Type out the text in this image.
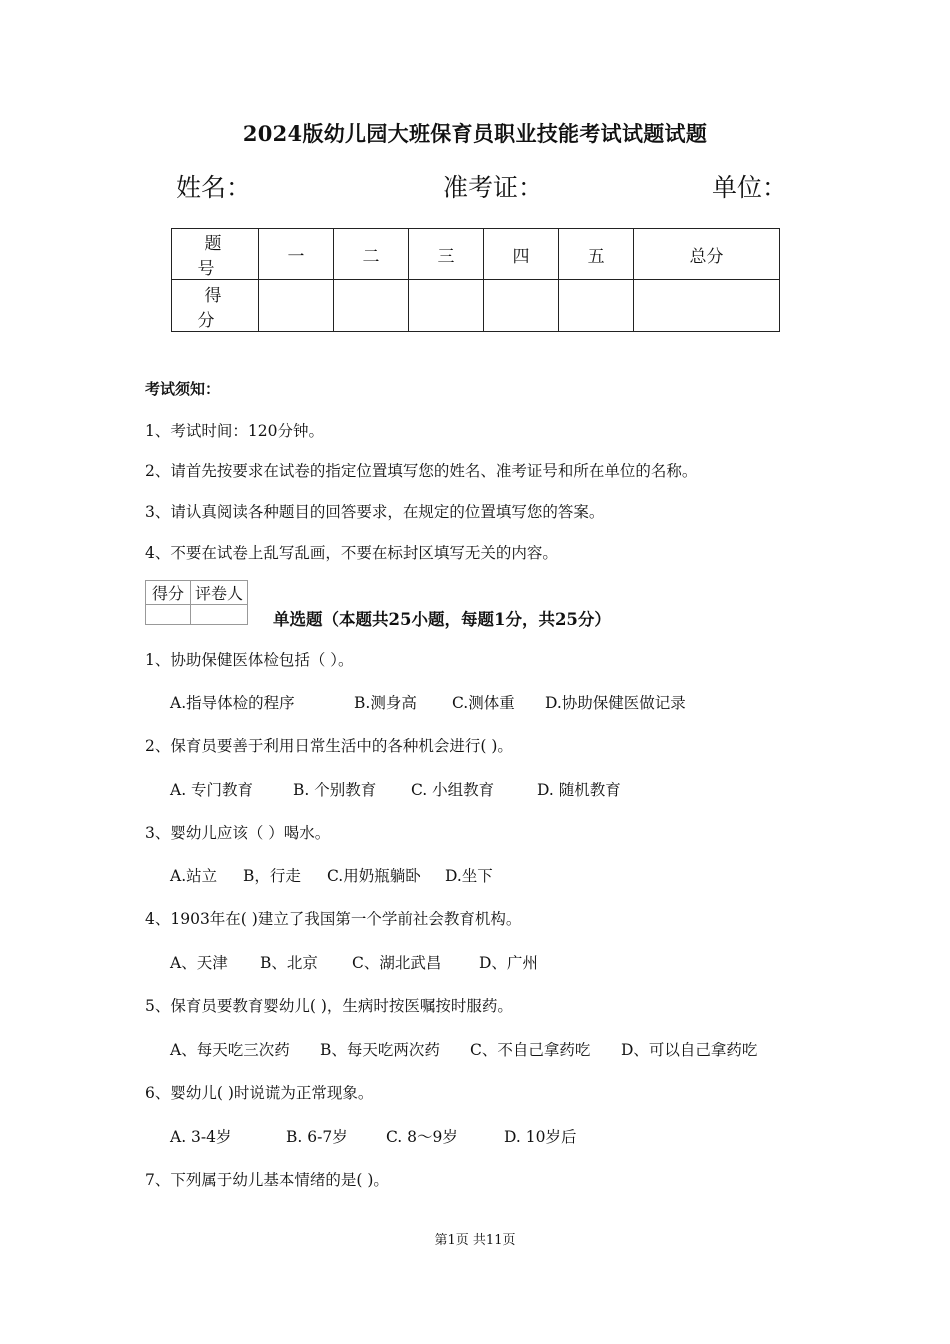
2024版幼儿园大班保育员职业技能考试试题试题
姓名：	准考证：	单位：
题 号	一	二	三	四	五	总分
得 分						
考试须知：
1、考试时间：120分钟。
2、请首先按要求在试卷的指定位置填写您的姓名、准考证号和所在单位的名称。
3、请认真阅读各种题目的回答要求，在规定的位置填写您的答案。
4、不要在试卷上乱写乱画，不要在标封区填写无关的内容。
得分	评卷人

单选题（本题共25小题，每题1分，共25分）
1、协助保健医体检包括（ ）。
A.指导体检的程序	B.测身高 C.测体重 D.协助保健医做记录
2、保育员要善于利用日常生活中的各种机会进行( )。
A. 专门教育	B. 个别教育 C. 小组教育	D. 随机教育
3、婴幼儿应该（ ）喝水。
A.站立 B，行走 C.用奶瓶躺卧 D.坐下
4、1903年在( )建立了我国第一个学前社会教育机构。
A、天津 B、北京 C、湖北武昌 D、广州
5、保育员要教育婴幼儿( )，生病时按医嘱按时服药。
A、每天吃三次药 B、每天吃两次药 C、不自己拿药吃 D、可以自己拿药吃
6、婴幼儿( )时说谎为正常现象。
A. 3-4岁	B. 6-7岁 C. 8～9岁	D. 10岁后
7、下列属于幼儿基本情绪的是( )。
第1页 共11页
